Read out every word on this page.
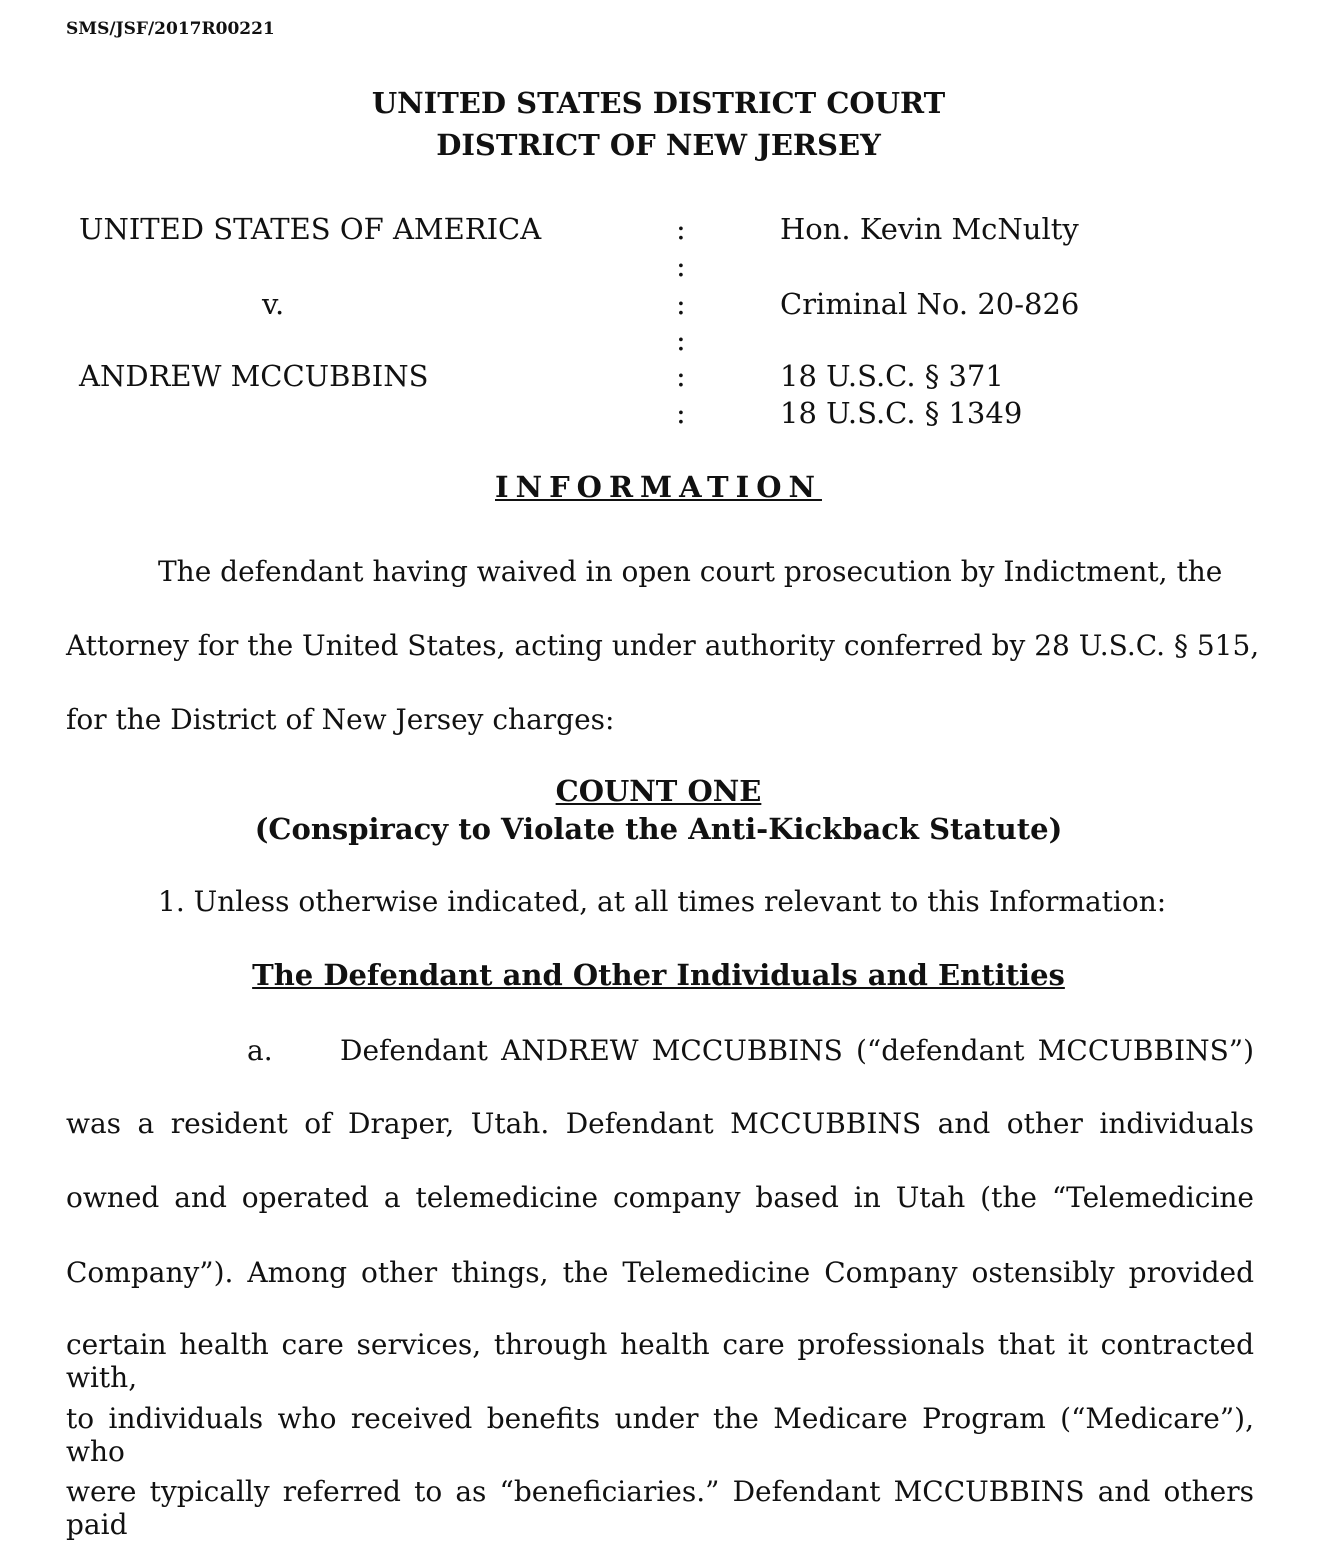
SMS/JSF/2017R00221
UNITED STATES DISTRICT COURT
DISTRICT OF NEW JERSEY
UNITED STATES OF AMERICA
v.
ANDREW MCCUBBINS
:
:
:
:
:
:
Hon. Kevin McNulty
Criminal No. 20-826
18 U.S.C. § 371
18 U.S.C. § 1349
INFORMATION
The defendant having waived in open court prosecution by Indictment, the
Attorney for the United States, acting under authority conferred by 28 U.S.C. § 515,
for the District of New Jersey charges:
COUNT ONE
(Conspiracy to Violate the Anti-Kickback Statute)
1. Unless otherwise indicated, at all times relevant to this Information:
The Defendant and Other Individuals and Entities
a. Defendant ANDREW MCCUBBINS (“defendant MCCUBBINS”)
was a resident of Draper, Utah. Defendant MCCUBBINS and other individuals
owned and operated a telemedicine company based in Utah (the “Telemedicine
Company”). Among other things, the Telemedicine Company ostensibly provided
certain health care services, through health care professionals that it contracted with,
to individuals who received benefits under the Medicare Program (“Medicare”), who
were typically referred to as “beneficiaries.” Defendant MCCUBBINS and others paid
